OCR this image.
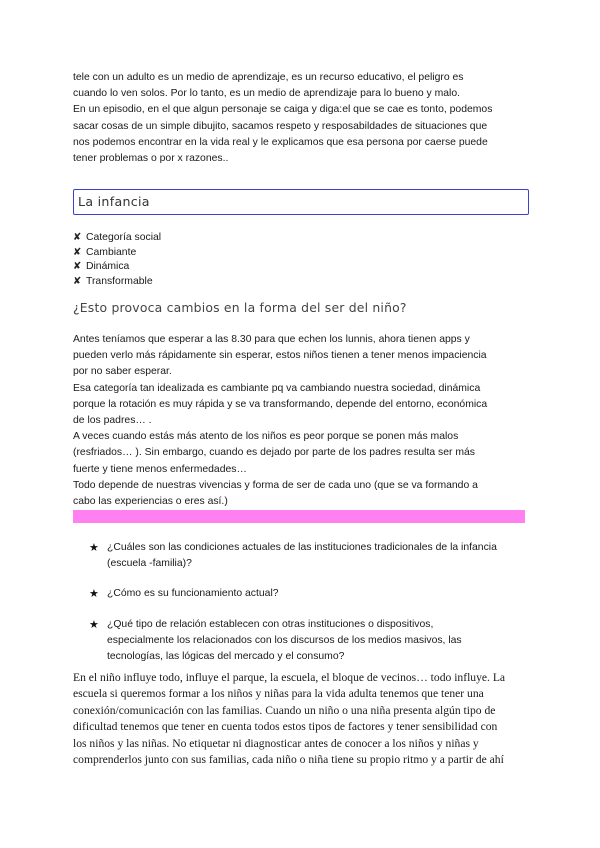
tele con un adulto es un medio de aprendizaje, es un recurso educativo, el peligro es

cuando lo ven solos. Por lo tanto, es un medio de aprendizaje para lo bueno y malo.

En un episodio, en el que algun personaje se caiga y diga:el que se cae es tonto, podemos

sacar cosas de un simple dibujito, sacamos respeto y resposabildades de situaciones que

nos podemos encontrar en la vida real y le explicamos que esa persona por caerse puede

tener problemas o por x razones..

La infancia
✘ Categoría social
✘ Cambiante
✘ Dinámica
✘ Transformable
¿Esto provoca cambios en la forma del ser del niño?

Antes teníamos que esperar a las 8.30 para que echen los lunnis, ahora tienen apps y

pueden verlo más rápidamente sin esperar, estos niños tienen a tener menos impaciencia

por no saber esperar.

Esa categoría tan idealizada es cambiante pq va cambiando nuestra sociedad, dinámica

porque la rotación es muy rápida y se va transformando, depende del entorno, económica

de los padres… .

A veces cuando estás más atento de los niños es peor porque se ponen más malos

(resfriados… ). Sin embargo, cuando es dejado por parte de los padres resulta ser más

fuerte y tiene menos enfermedades…

Todo depende de nuestras vivencias y forma de ser de cada uno (que se va formando a

cabo las experiencias o eres así.)

★ ¿Cuáles son las condiciones actuales de las instituciones tradicionales de la infancia

(escuela -familia)?

★ ¿Cómo es su funcionamiento actual?

★ ¿Qué tipo de relación establecen con otras instituciones o dispositivos,

especialmente los relacionados con los discursos de los medios masivos, las

tecnologías, las lógicas del mercado y el consumo?

En el niño influye todo, influye el parque, la escuela, el bloque de vecinos… todo influye. La

escuela si queremos formar a los niños y niñas para la vida adulta tenemos que tener una

conexión/comunicación con las familias. Cuando un niño o una niña presenta algún tipo de

dificultad tenemos que tener en cuenta todos estos tipos de factores y tener sensibilidad con

los niños y las niñas. No etiquetar ni diagnosticar antes de conocer a los niños y niñas y

comprenderlos junto con sus familias, cada niño o niña tiene su propio ritmo y a partir de ahí
